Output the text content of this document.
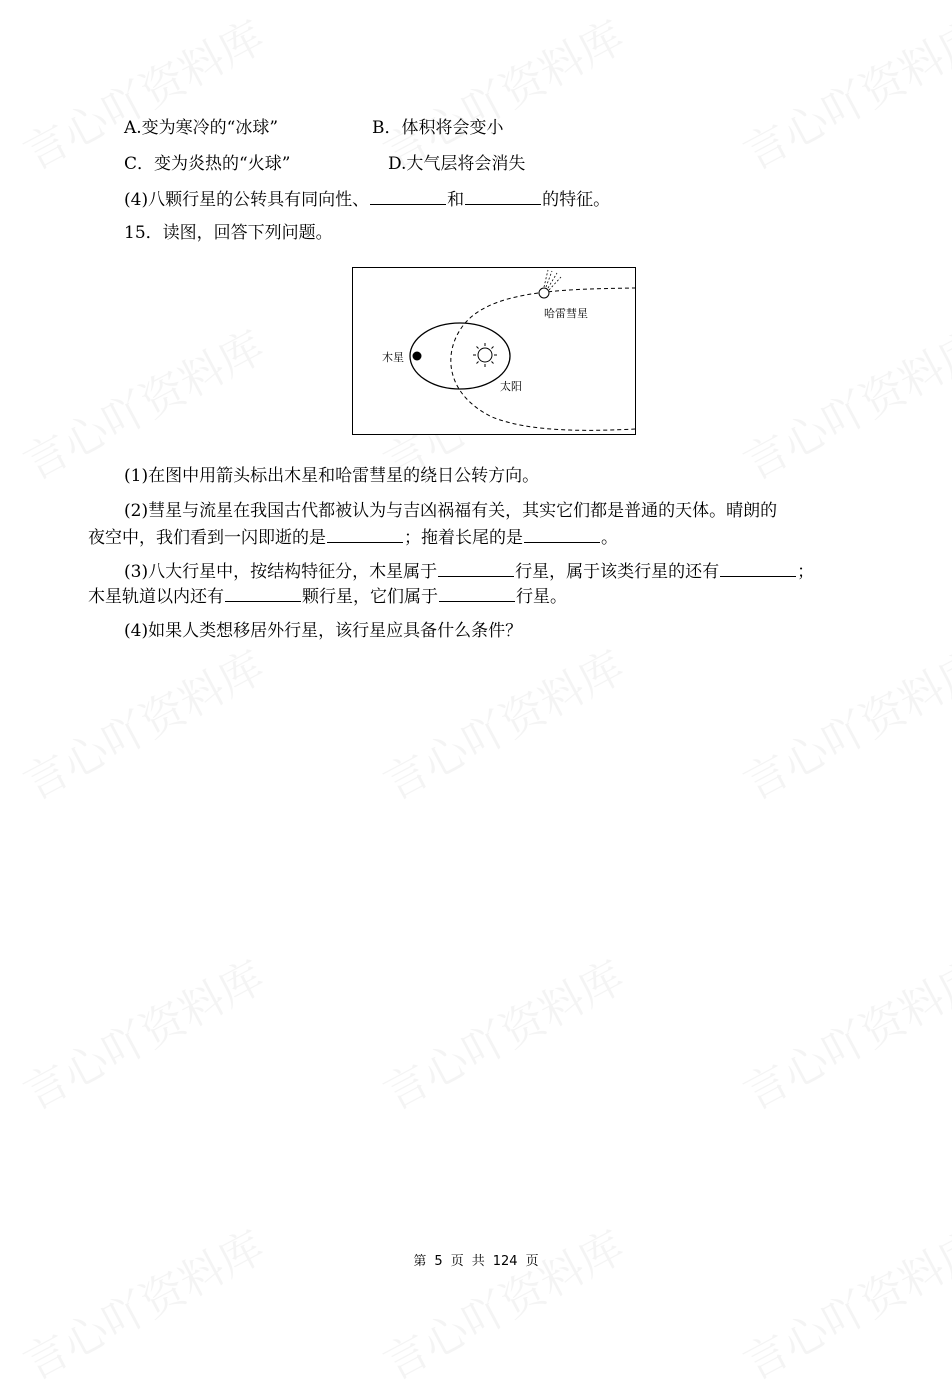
A.变为寒冷的“冰球”	B．体积将会变小
C．变为炎热的“火球”	D.大气层将会消失
(4)八颗行星的公转具有同向性、	和	的特征。
15．读图，回答下列问题。
木星
哈雷彗星
太阳
(1)在图中用箭头标出木星和哈雷彗星的绕日公转方向。
(2)彗星与流星在我国古代都被认为与吉凶祸福有关，其实它们都是普通的天体。晴朗的
夜空中，我们看到一闪即逝的是	；拖着长尾的是	。
(3)八大行星中，按结构特征分，木星属于	行星，属于该类行星的还有	；
木星轨道以内还有	颗行星，它们属于	行星。
(4)如果人类想移居外行星，该行星应具备什么条件？
第 5 页 共 124 页
